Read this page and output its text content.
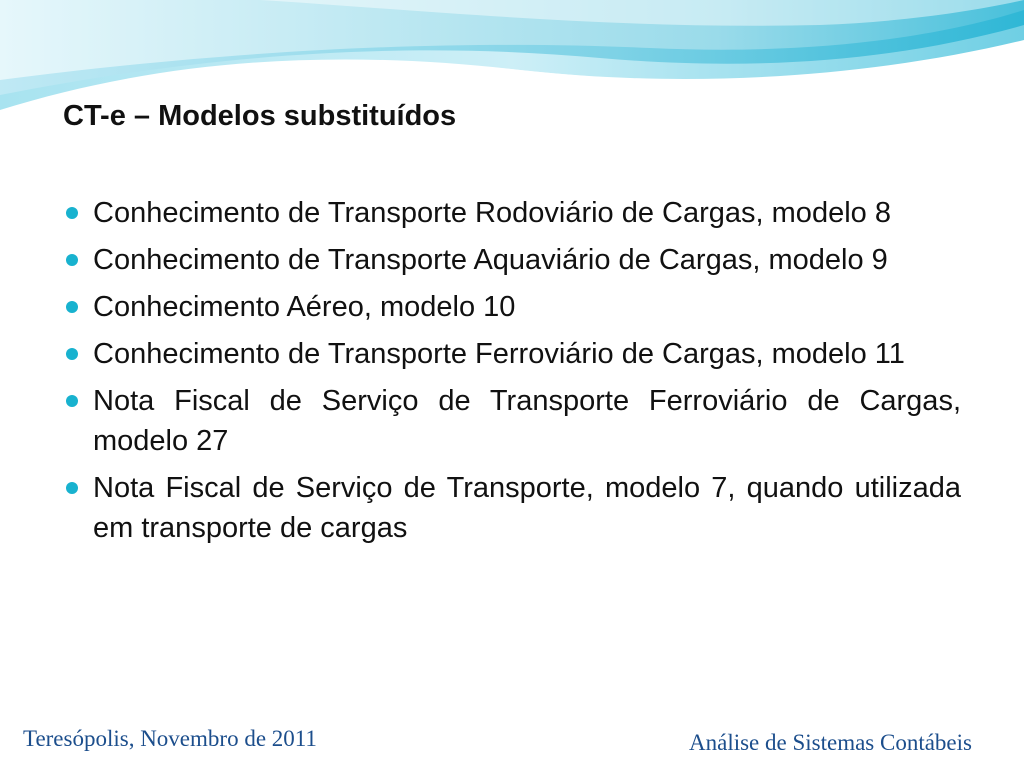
CT-e – Modelos substituídos
Conhecimento de Transporte Rodoviário de Cargas, modelo 8
Conhecimento de Transporte Aquaviário de Cargas, modelo 9
Conhecimento Aéreo, modelo 10
Conhecimento de Transporte Ferroviário de Cargas, modelo 11
Nota Fiscal de Serviço de Transporte Ferroviário de Cargas, modelo 27
Nota Fiscal de Serviço de Transporte, modelo 7, quando utilizada em transporte de cargas
Teresópolis, Novembro de 2011	Análise de Sistemas Contábeis
